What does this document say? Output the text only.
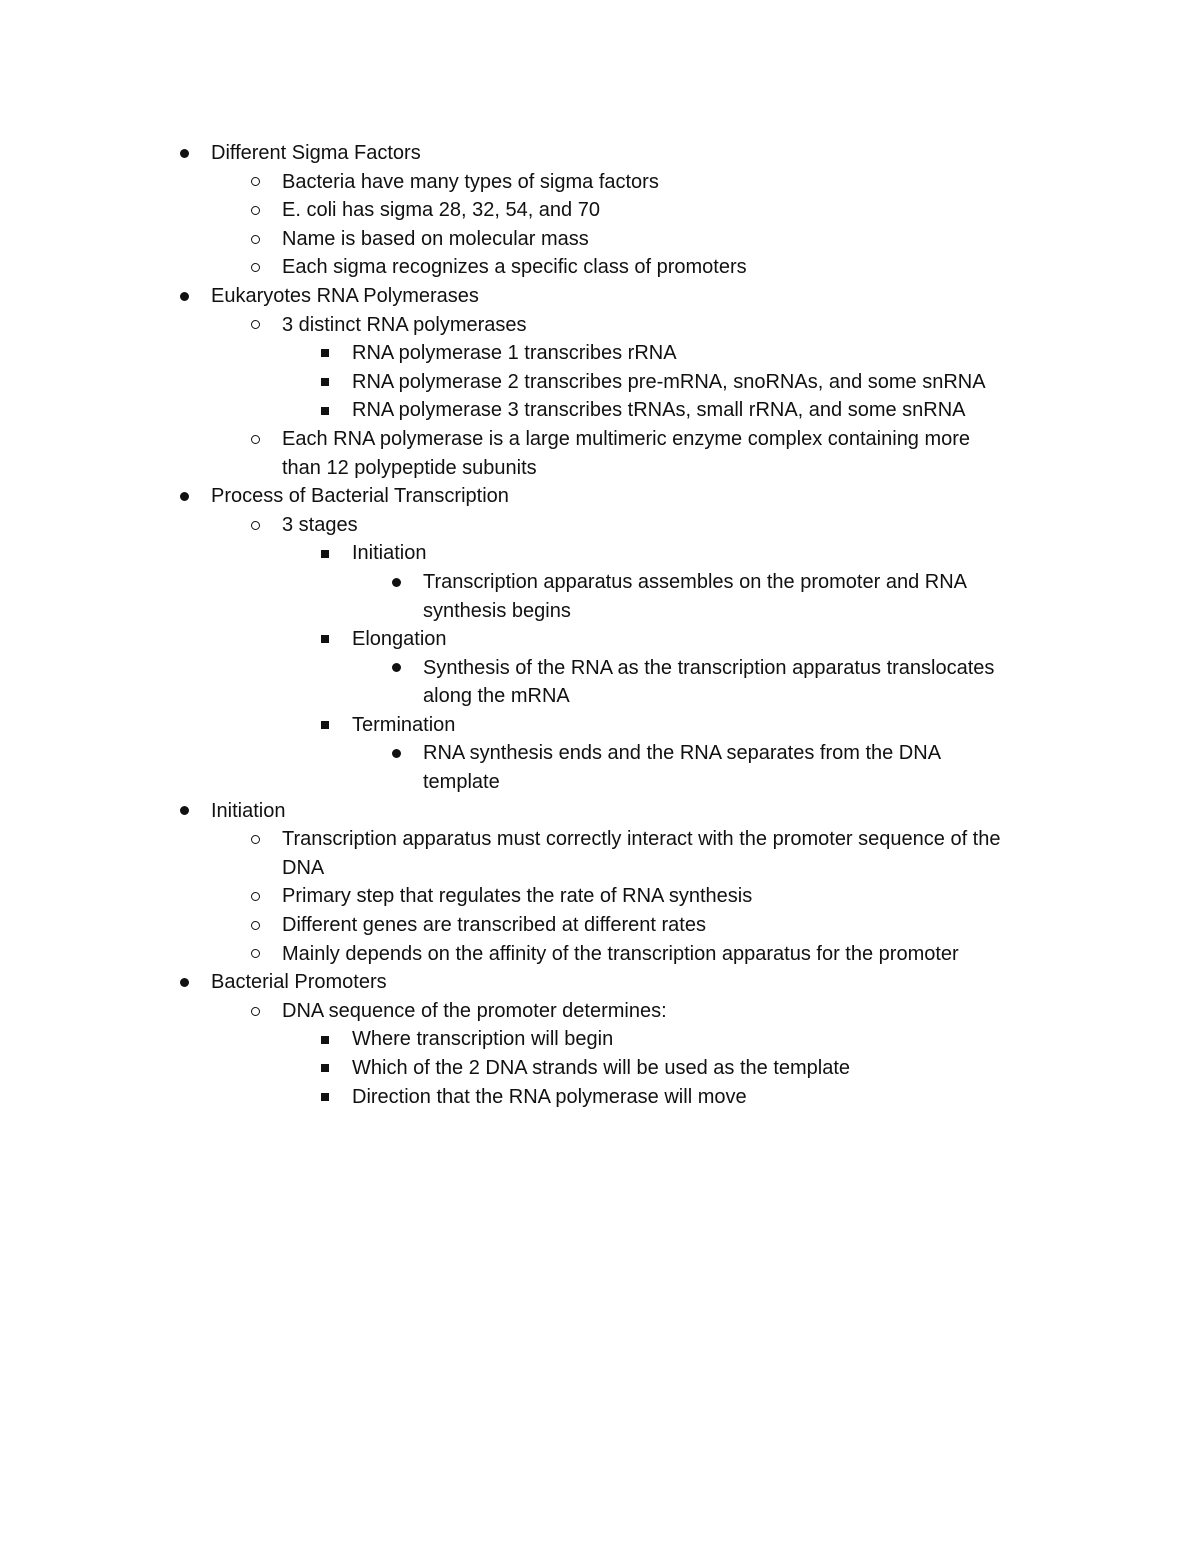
Different Sigma Factors
Bacteria have many types of sigma factors
E. coli has sigma 28, 32, 54, and 70
Name is based on molecular mass
Each sigma recognizes a specific class of promoters
Eukaryotes RNA Polymerases
3 distinct RNA polymerases
RNA polymerase 1 transcribes rRNA
RNA polymerase 2 transcribes pre-mRNA, snoRNAs, and some snRNA
RNA polymerase 3 transcribes tRNAs, small rRNA, and some snRNA
Each RNA polymerase is a large multimeric enzyme complex containing more
than 12 polypeptide subunits
Process of Bacterial Transcription
3 stages
Initiation
Transcription apparatus assembles on the promoter and RNA
synthesis begins
Elongation
Synthesis of the RNA as the transcription apparatus translocates
along the mRNA
Termination
RNA synthesis ends and the RNA separates from the DNA
template
Initiation
Transcription apparatus must correctly interact with the promoter sequence of the
DNA
Primary step that regulates the rate of RNA synthesis
Different genes are transcribed at different rates
Mainly depends on the affinity of the transcription apparatus for the promoter
Bacterial Promoters
DNA sequence of the promoter determines:
Where transcription will begin
Which of the 2 DNA strands will be used as the template
Direction that the RNA polymerase will move
